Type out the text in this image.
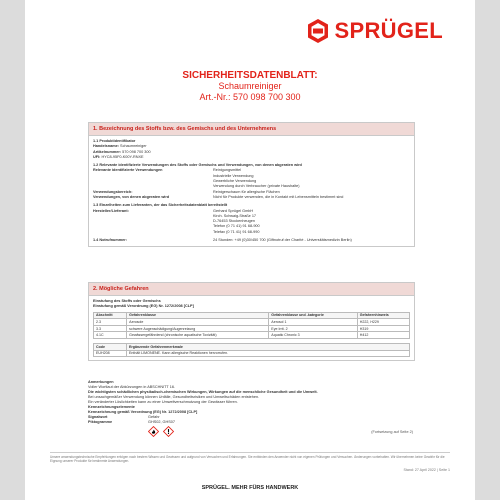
SPRÜGEL
SICHERHEITSDATENBLATT:
Schaumreiniger
Art.-Nr.: 570 098 700 300
1. Bezeichnung des Stoffs bzw. des Gemischs und des Unternehmens
1.1 Produktidentifikator
Handelsname:
Schaumreiniger
Artikelnummer:
570 098 700 300
UFI:
HYC8-95F0-K00Y-RNXE
1.2 Relevante identifizierte Verwendungen des Stoffs oder Gemischs und Verwendungen, von denen abgeraten wird
Relevante identifizierte Verwendungen	Reinigungsmittel
Industrielle Verwendung
Gewerbliche Verwendung
Verwendung durch Verbraucher (private Haushalte)
Verwendungsbereich:	Reinigerschaum für allergische Flächen
Verwendungen, von denen abgeraten wird	Nicht für Produkte verwenden, die in Kontakt mit Lebensmitteln bestimmt sind
1.3 Einzelheiten zum Lieferanten, der das Sicherheitsdatenblatt bereitstellt
Hersteller/Lieferant:	Gerhard Sprügel GmbH
Kirch. Schwaig-Straße 17
D-76453 Stockenheugen
Telefon (0 71 41) 91 68-900
Telefax (0 71 41) 91 68-990
1.4 Notrufnummer:	24 Stunden: +49 (0)30/450 700 (Giftnotruf der Charité - Universitätsmedizin Berlin)
2. Mögliche Gefahren
Einstufung des Stoffs oder Gemischs
Einstufung gemäß Verordnung (EG) Nr. 1272/2008 [CLP]
Abschnitt	Gefahrenklasse	Gefahrenklasse und -kategorie	Gefahrenhinweis
2.3	Aerosole	Aerosol 1	H222, H229
3.3	schwere Augenschädigung/Augenreizung	Eye Irrit. 2	H319
4.1C	Gewässergefährdend (chronische aquatische Toxizität)	Aquatic Chronic 3	H412
Code	Ergänzende Gefahrenmerkmale
EUH208	Enthält LIMONENE. Kann allergische Reaktionen hervorrufen.
Anmerkungen
Voller Wortlaut der Abkürzungen in ABSCHNITT 16.
Die wichtigsten schädlichen physikalisch-chemischen Wirkungen, Wirkungen auf die menschliche Gesundheit und die Umwelt.
Bei unsachgemäßer Verwendung können Unfälle, Gesundheitsrisiken und Umweltschäden entstehen.
Ein veränderter Löslichkeiten kann zu einer Umweltverschmutzung der Gewässer führen.
Kennzeichnungselemente
Kennzeichnung gemäß Verordnung (EG) Nr. 1272/2008 [CLP]
Signalwort	Gefahr
Piktogramme	GHS02, GHS07
(Fortsetzung auf Seite 2)
Unsere anwendungstechnische Empfehlungen erfolgen nach bestem Wissen und Gewissen und aufgrund von Versuchen und Erfahrungen. Sie entbinden den Anwender nicht von eigenen Prüfungen und Versuchen. Änderungen vorbehalten. Wir übernehmen keine Gewähr für die Eignung unserer Produkte für bestimmte Anwendungen.
Stand: 27 April 2022 | Seite 1
SPRÜGEL. MEHR FÜRS HANDWERK
